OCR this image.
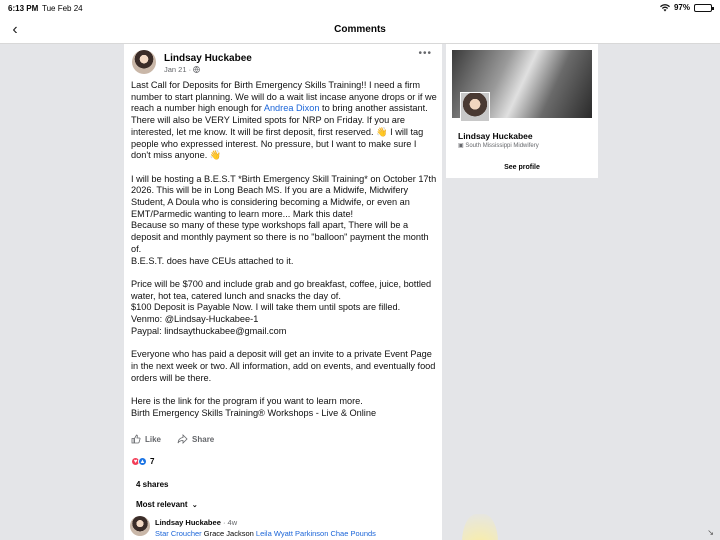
6:13 PM Tue Feb 24	97%
‹	Comments
Lindsay Huckabee
Jan 21 ·
•••
Last Call for Deposits for Birth Emergency Skills Training!! I need a firm number to start planning. We will do a wait list incase anyone drops or if we reach a number high enough for Andrea Dixon to bring another assistant. There will also be VERY Limited spots for NRP on Friday. If you are interested, let me know. It will be first deposit, first reserved. 👋 I will tag people who expressed interest. No pressure, but I want to make sure I don't miss anyone. 👋

I will be hosting a B.E.S.T *Birth Emergency Skill Training* on October 17th 2026. This will be in Long Beach MS. If you are a Midwife, Midwifery Student, A Doula who is considering becoming a Midwife, or even an EMT/Parmedic wanting to learn more... Mark this date!
Because so many of these type workshops fall apart, There will be a deposit and monthly payment so there is no "balloon" payment the month of.
B.E.S.T. does have CEUs attached to it.

Price will be $700 and include grab and go breakfast, coffee, juice, bottled water, hot tea, catered lunch and snacks the day of.
$100 Deposit is Payable Now. I will take them until spots are filled.
Venmo: @Lindsay-Huckabee-1
Paypal: lindsaythuckabee@gmail.com

Everyone who has paid a deposit will get an invite to a private Event Page in the next week or two. All information, add on events, and eventually food orders will be there.

Here is the link for the program if you want to learn more.
Birth Emergency Skills Training® Workshops - Live & Online
Like	Share
♥ ▲ 7
4 shares
Most relevant ⌄
Lindsay Huckabee · 4w
Star Croucher Grace Jackson Leila Wyatt Parkinson Chae Pounds
Lindsay Huckabee
▣ South Mississippi Midwifery
See profile
↘
